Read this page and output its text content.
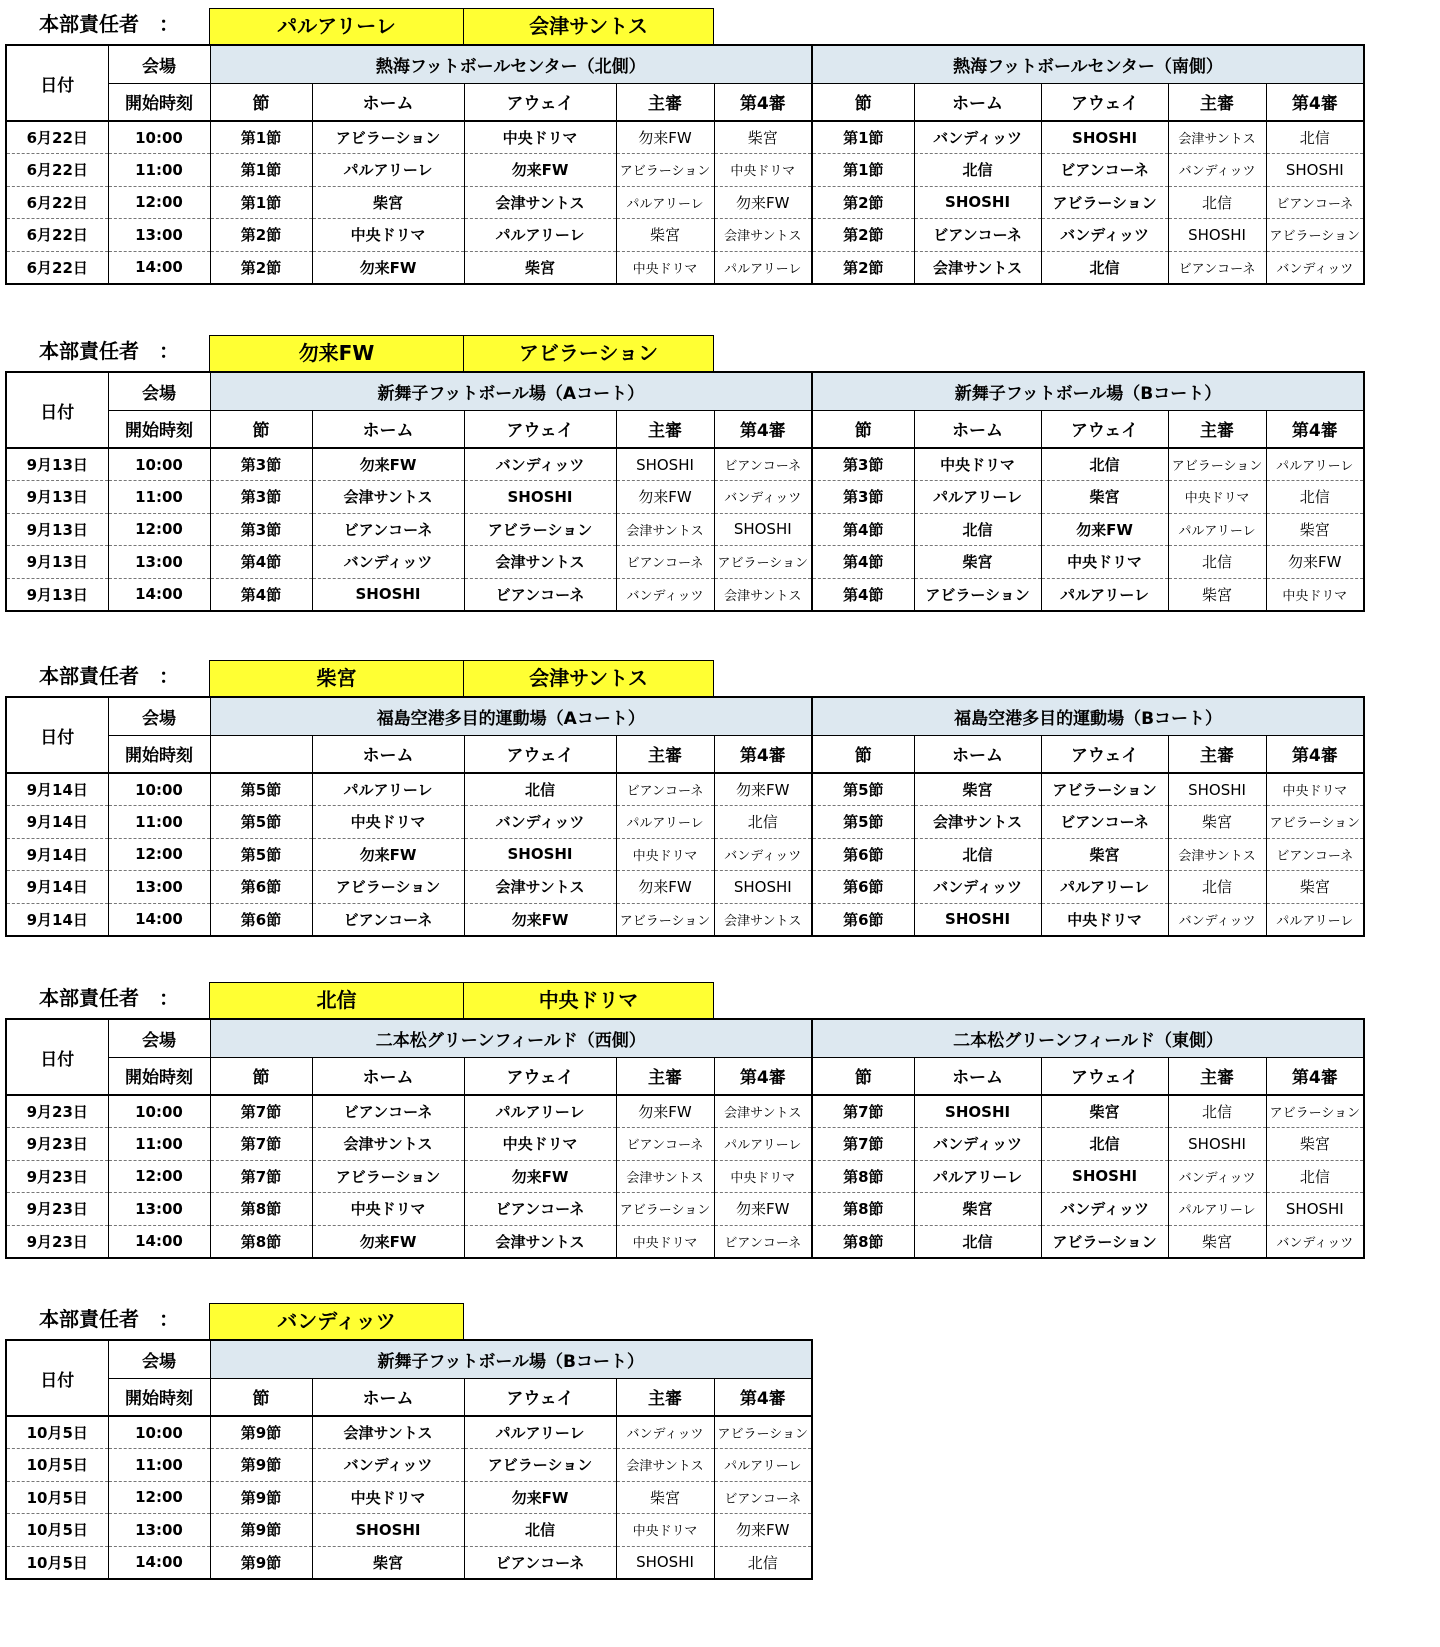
本部責任者　：	パルアリーレ	会津サントス
日付	会場	熱海フットボールセンター（北側）					熱海フットボールセンター（南側）				
	開始時刻	節	ホーム	アウェイ	主審	第4審	節	ホーム	アウェイ	主審	第4審
6月22日	10:00	第1節	アビラーション	中央ドリマ	勿来FW	柴宮	第1節	バンディッツ	SHOSHI	会津サントス	北信
6月22日	11:00	第1節	パルアリーレ	勿来FW	アビラーション	中央ドリマ	第1節	北信	ビアンコーネ	バンディッツ	SHOSHI
6月22日	12:00	第1節	柴宮	会津サントス	パルアリーレ	勿来FW	第2節	SHOSHI	アビラーション	北信	ビアンコーネ
6月22日	13:00	第2節	中央ドリマ	パルアリーレ	柴宮	会津サントス	第2節	ビアンコーネ	バンディッツ	SHOSHI	アビラーション
6月22日	14:00	第2節	勿来FW	柴宮	中央ドリマ	パルアリーレ	第2節	会津サントス	北信	ビアンコーネ	バンディッツ
本部責任者　：	勿来FW	アビラーション
日付	会場	新舞子フットボール場（Aコート）					新舞子フットボール場（Bコート）				
	開始時刻	節	ホーム	アウェイ	主審	第4審	節	ホーム	アウェイ	主審	第4審
9月13日	10:00	第3節	勿来FW	バンディッツ	SHOSHI	ビアンコーネ	第3節	中央ドリマ	北信	アビラーション	パルアリーレ
9月13日	11:00	第3節	会津サントス	SHOSHI	勿来FW	バンディッツ	第3節	パルアリーレ	柴宮	中央ドリマ	北信
9月13日	12:00	第3節	ビアンコーネ	アビラーション	会津サントス	SHOSHI	第4節	北信	勿来FW	パルアリーレ	柴宮
9月13日	13:00	第4節	バンディッツ	会津サントス	ビアンコーネ	アビラーション	第4節	柴宮	中央ドリマ	北信	勿来FW
9月13日	14:00	第4節	SHOSHI	ビアンコーネ	バンディッツ	会津サントス	第4節	アビラーション	パルアリーレ	柴宮	中央ドリマ
本部責任者　：	柴宮	会津サントス
日付	会場	福島空港多目的運動場（Aコート）					福島空港多目的運動場（Bコート）				
	開始時刻		ホーム	アウェイ	主審	第4審	節	ホーム	アウェイ	主審	第4審
9月14日	10:00	第5節	パルアリーレ	北信	ビアンコーネ	勿来FW	第5節	柴宮	アビラーション	SHOSHI	中央ドリマ
9月14日	11:00	第5節	中央ドリマ	バンディッツ	パルアリーレ	北信	第5節	会津サントス	ビアンコーネ	柴宮	アビラーション
9月14日	12:00	第5節	勿来FW	SHOSHI	中央ドリマ	バンディッツ	第6節	北信	柴宮	会津サントス	ビアンコーネ
9月14日	13:00	第6節	アビラーション	会津サントス	勿来FW	SHOSHI	第6節	バンディッツ	パルアリーレ	北信	柴宮
9月14日	14:00	第6節	ビアンコーネ	勿来FW	アビラーション	会津サントス	第6節	SHOSHI	中央ドリマ	バンディッツ	パルアリーレ
本部責任者　：	北信	中央ドリマ
日付	会場	二本松グリーンフィールド（西側）					二本松グリーンフィールド（東側）				
	開始時刻	節	ホーム	アウェイ	主審	第4審	節	ホーム	アウェイ	主審	第4審
9月23日	10:00	第7節	ビアンコーネ	パルアリーレ	勿来FW	会津サントス	第7節	SHOSHI	柴宮	北信	アビラーション
9月23日	11:00	第7節	会津サントス	中央ドリマ	ビアンコーネ	パルアリーレ	第7節	バンディッツ	北信	SHOSHI	柴宮
9月23日	12:00	第7節	アビラーション	勿来FW	会津サントス	中央ドリマ	第8節	パルアリーレ	SHOSHI	バンディッツ	北信
9月23日	13:00	第8節	中央ドリマ	ビアンコーネ	アビラーション	勿来FW	第8節	柴宮	バンディッツ	パルアリーレ	SHOSHI
9月23日	14:00	第8節	勿来FW	会津サントス	中央ドリマ	ビアンコーネ	第8節	北信	アビラーション	柴宮	バンディッツ
本部責任者　：	バンディッツ
日付	会場	新舞子フットボール場（Bコート）				
	開始時刻	節	ホーム	アウェイ	主審	第4審
10月5日	10:00	第9節	会津サントス	パルアリーレ	バンディッツ	アビラーション
10月5日	11:00	第9節	バンディッツ	アビラーション	会津サントス	パルアリーレ
10月5日	12:00	第9節	中央ドリマ	勿来FW	柴宮	ビアンコーネ
10月5日	13:00	第9節	SHOSHI	北信	中央ドリマ	勿来FW
10月5日	14:00	第9節	柴宮	ビアンコーネ	SHOSHI	北信
